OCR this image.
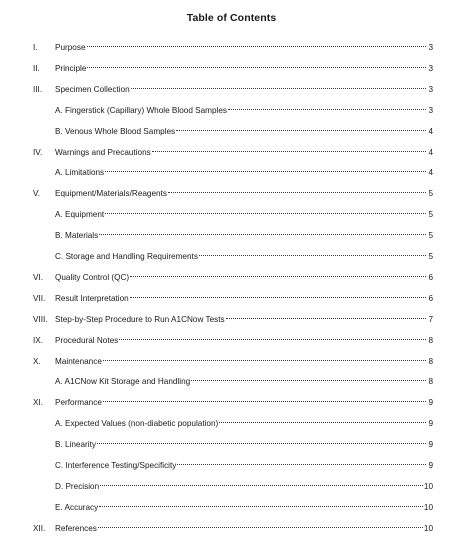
Table of Contents
I.	Purpose	3
II.	Principle	3
III.	Specimen Collection	3
A. Fingerstick (Capillary) Whole Blood Samples	3
B. Venous Whole Blood Samples	4
IV.	Warnings and Precautions	4
A. Limitations	4
V.	Equipment/Materials/Reagents	5
A. Equipment	5
B. Materials	5
C. Storage and Handling Requirements	5
VI.	Quality Control (QC)	6
VII.	Result Interpretation	6
VIII. Step-by-Step Procedure to Run A1CNow Tests	7
IX.	Procedural Notes	8
X.	Maintenance	8
A. A1CNow Kit Storage and Handling	8
XI.	Performance	9
A. Expected Values (non-diabetic population)	9
B. Linearity	9
C. Interference Testing/Specificity	9
D. Precision	10
E. Accuracy	10
XII.	References	10
